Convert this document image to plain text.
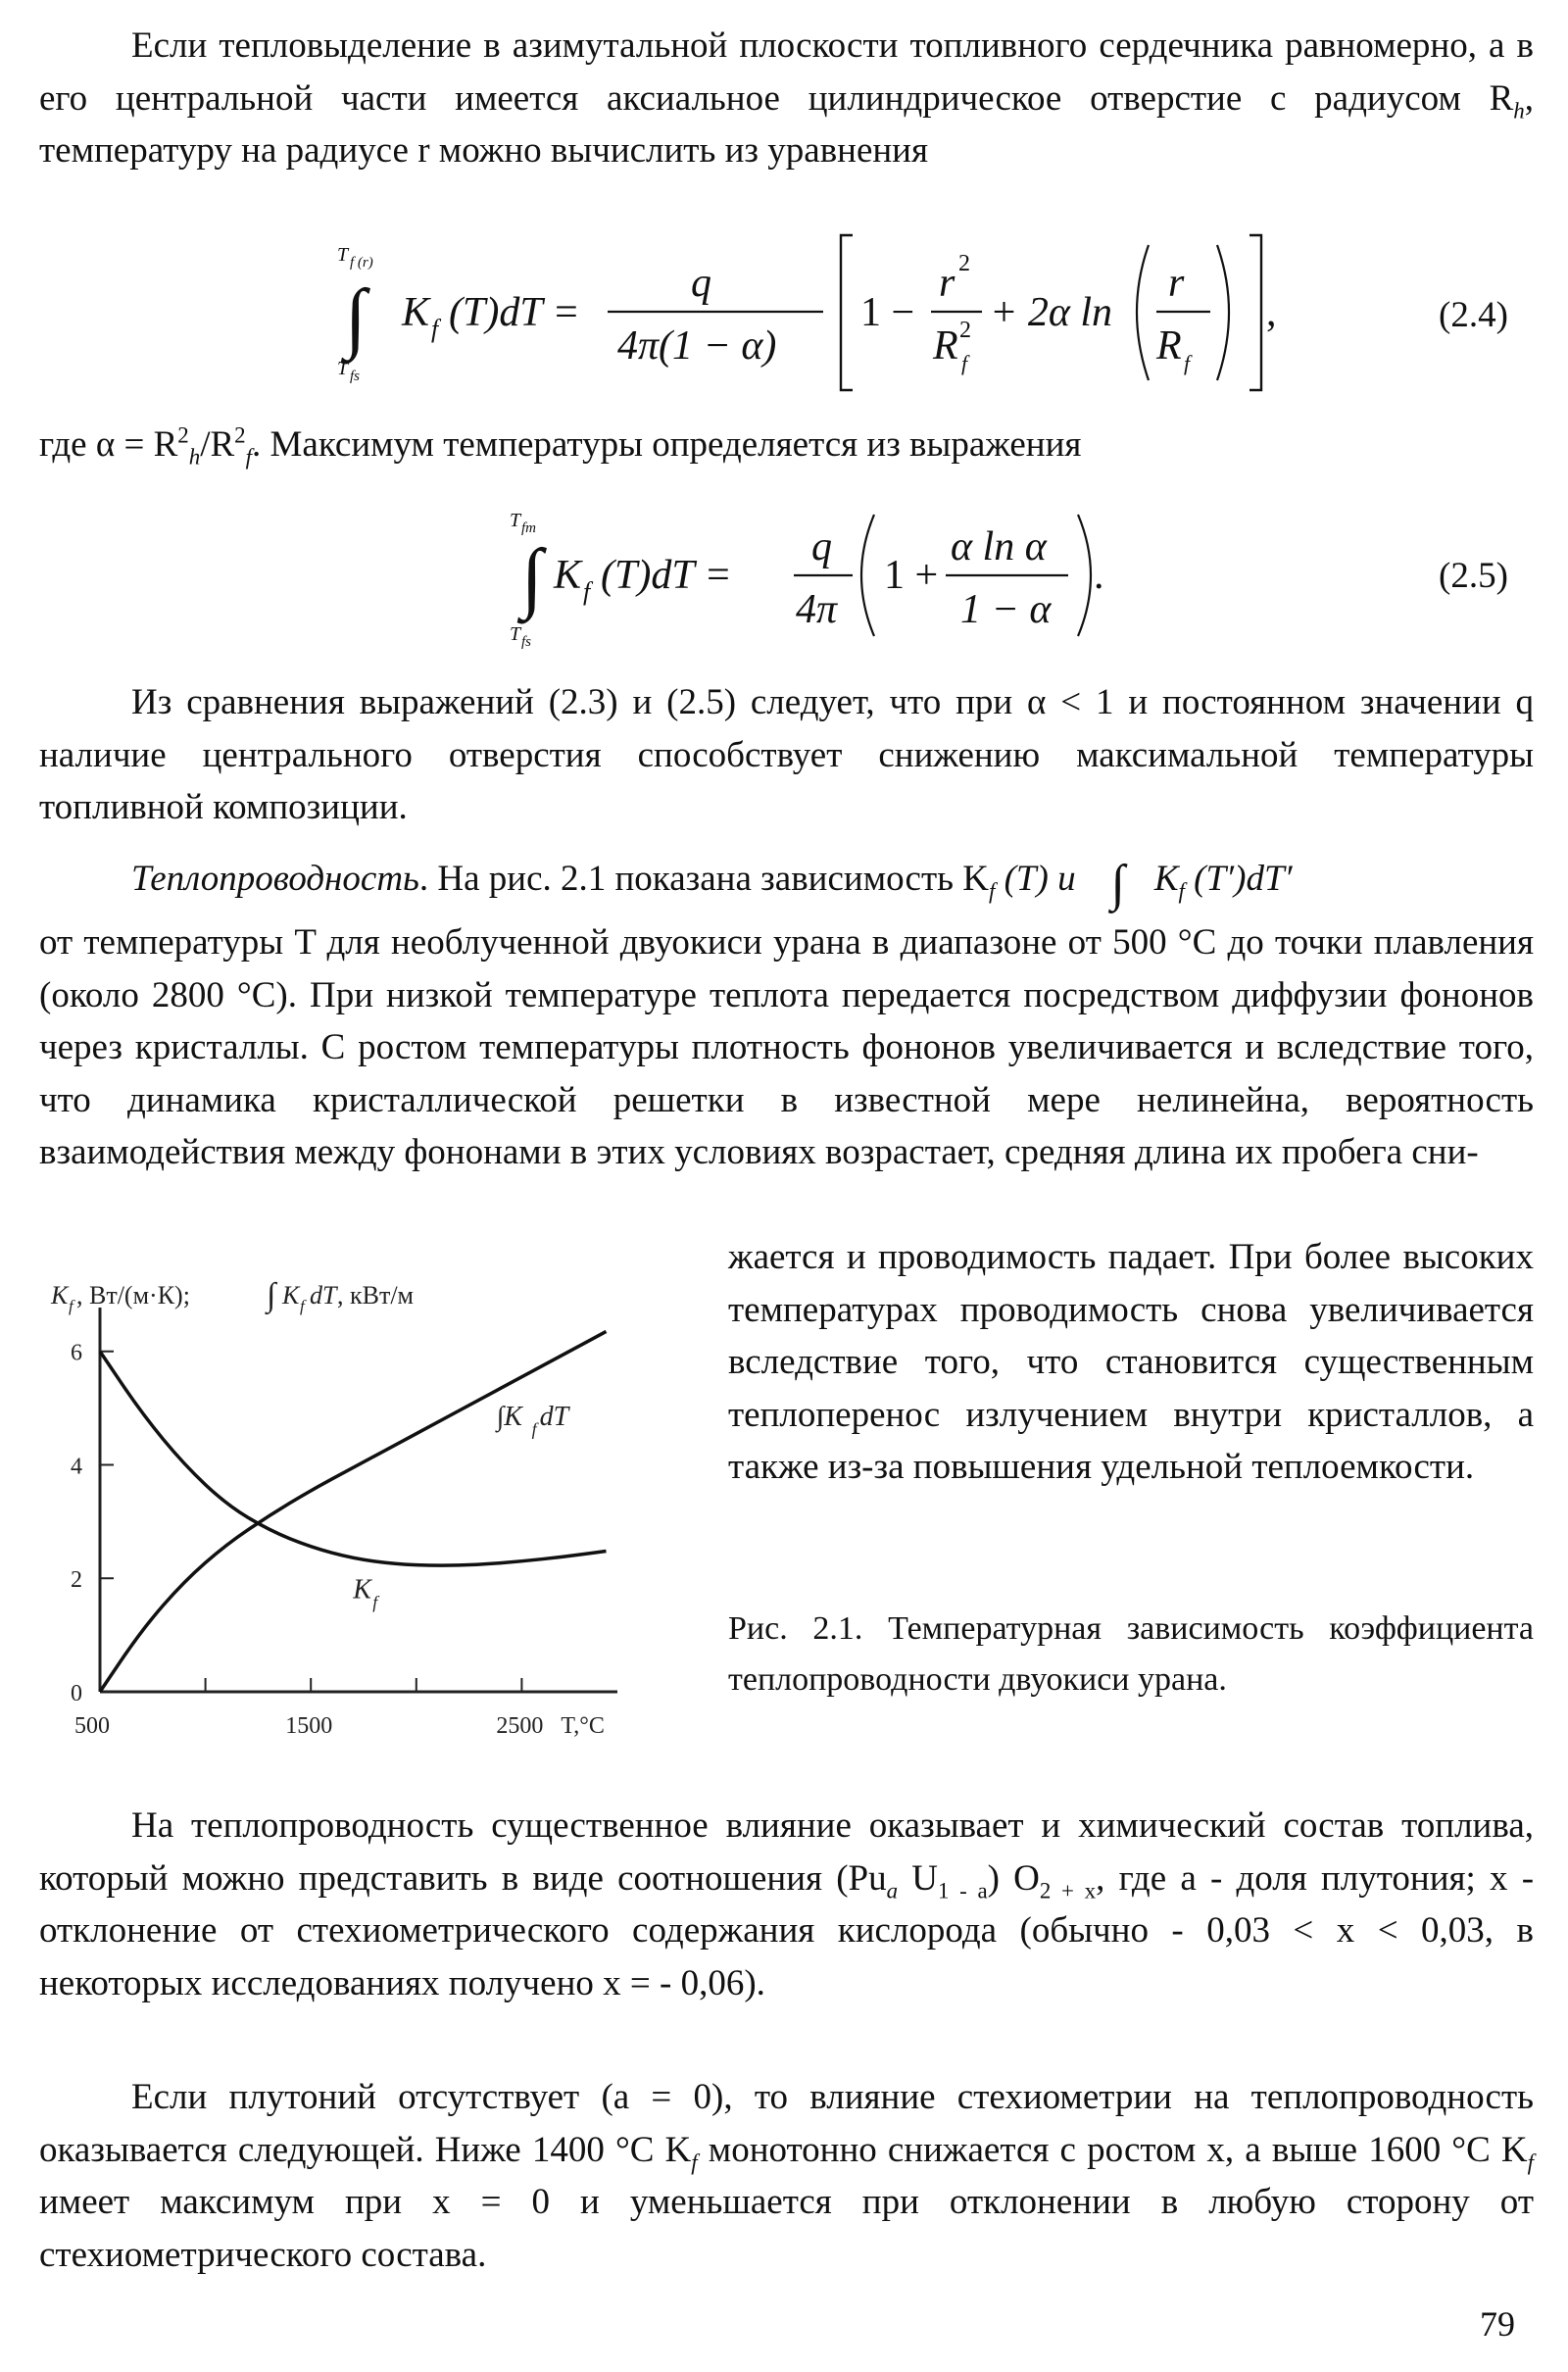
Если тепловыделение в азимутальной плоскости топливного сердечника равномерно, а в его центральной части имеется аксиальное цилиндрическое отверстие с радиусом $R_h$, температуру на радиусе r можно вычислить из уравнения

∫
T f (r)
T fs
K f (T)dT =
q
4π(1 − α)
1 −
r 2
R 2
f
+ 2α ln
r
R f
,	(2.4)
где $\alpha = R^2_h/R^2_f$. Максимум температуры определяется из выражения
∫
T fm
T fs
K f (T)dT =
q
4π
1 +
α ln α
1 − α
.	(2.5)

Из сравнения выражений (2.3) и (2.5) следует, что при α < 1 и постоянном значении q наличие центрального отверстия способствует снижению максимальной температуры топливной композиции.

Теплопроводность. На рис. 2.1 показана зависимость $K_f$ (T) и ∫ $K_f$ (T′)dT′

от температуры T для необлученной двуокиси урана в диапазоне от 500 °С до точки плавления (около 2800 °С). При низкой температуре теплота передается посредством диффузии фононов через кристаллы. С ростом температуры плотность фононов увеличивается и вследствие того, что динамика кристаллической решетки в известной мере нелинейна, вероятность взаимодействия между фононами в этих условиях возрастает, средняя длина их пробега сни-

K f , Вт/(м·К); ∫ K f dT , кВт/м
0
2
4
6
500	1500	2500 T,°C
K f
∫K f dT

жается и проводимость падает. При более высоких температурах проводимость снова увеличивается вследствие того, что становится существенным теплоперенос излучением внутри кристаллов, а также из-за повышения удельной теплоемкости.

Рис. 2.1. Температурная зависимость коэффициента теплопроводности двуокиси урана.

На теплопроводность существенное влияние оказывает и химический состав топлива, который можно представить в виде соотношения ($Pu_a$ $U_{1 - a}$) $O_{2 + x}$, где a - доля плутония; x - отклонение от стехиометрического содержания кислорода (обычно - 0,03 < x < 0,03, в некоторых исследованиях получено x = - 0,06).

Если плутоний отсутствует (a = 0), то влияние стехиометрии на теплопроводность оказывается следующей. Ниже 1400 °С $K_f$ монотонно снижается с ростом x, а выше 1600 °С $K_f$ имеет максимум при x = 0 и уменьшается при отклонении в любую сторону от стехиометрического состава.

79
